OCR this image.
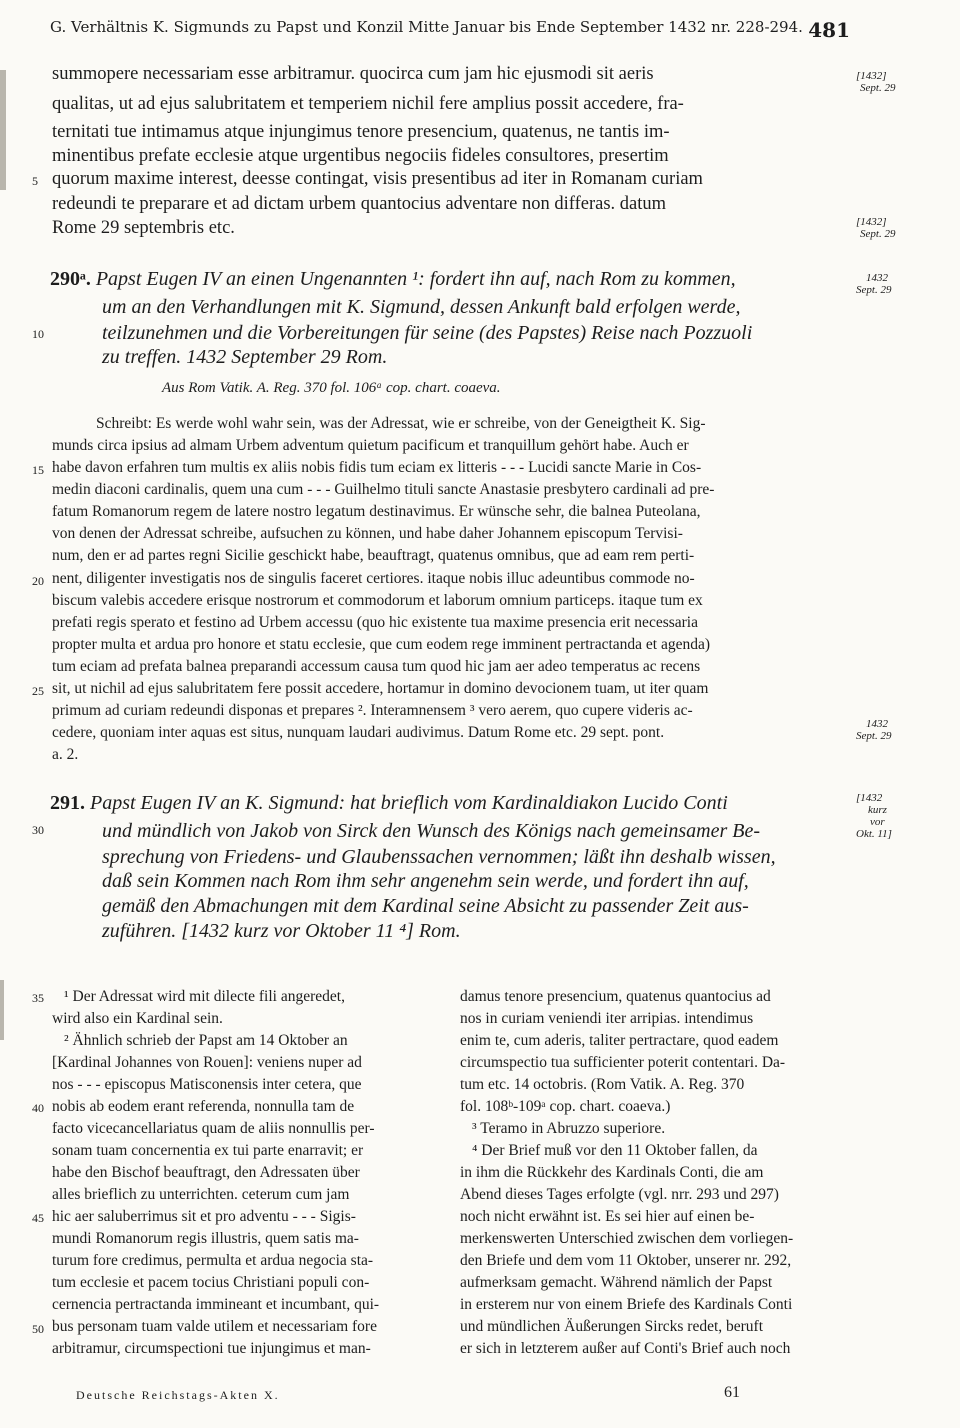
G. Verhältnis K. Sigmunds zu Papst und Konzil Mitte Januar bis Ende September 1432 nr. 228-294. 481
summopere necessariam esse arbitramur. quocirca cum jam hic ejusmodi sit aeris
qualitas, ut ad ejus salubritatem et temperiem nichil fere amplius possit accedere, fra-
ternitati tue intimamus atque injungimus tenore presencium, quatenus, ne tantis im-
minentibus prefate ecclesie atque urgentibus negociis fideles consultores, presertim
quorum maxime interest, deesse contingat, visis presentibus ad iter in Romanam curiam
redeundi te preparare et ad dictam urbem quantocius adventare non differas. datum
Rome 29 septembris etc.
290ᵃ. Papst Eugen IV an einen Ungenannten ¹: fordert ihn auf, nach Rom zu kommen,
um an den Verhandlungen mit K. Sigmund, dessen Ankunft bald erfolgen werde,
teilzunehmen und die Vorbereitungen für seine (des Papstes) Reise nach Pozzuoli
zu treffen. 1432 September 29 Rom.
Aus Rom Vatik. A. Reg. 370 fol. 106ᵃ cop. chart. coaeva.
Schreibt: Es werde wohl wahr sein, was der Adressat, wie er schreibe, von der Geneigtheit K. Sig-
munds circa ipsius ad almam Urbem adventum quietum pacificum et tranquillum gehört habe. Auch er
habe davon erfahren tum multis ex aliis nobis fidis tum eciam ex litteris - - - Lucidi sancte Marie in Cos-
medin diaconi cardinalis, quem una cum - - - Guilhelmo tituli sancte Anastasie presbytero cardinali ad pre-
fatum Romanorum regem de latere nostro legatum destinavimus. Er wünsche sehr, die balnea Puteolana,
von denen der Adressat schreibe, aufsuchen zu können, und habe daher Johannem episcopum Tervisi-
num, den er ad partes regni Sicilie geschickt habe, beauftragt, quatenus omnibus, que ad eam rem perti-
nent, diligenter investigatis nos de singulis faceret certiores. itaque nobis illuc adeuntibus commode no-
biscum valebis accedere erisque nostrorum et commodorum et laborum omnium particeps. itaque tum ex
prefati regis sperato et festino ad Urbem accessu (quo hic existente tua maxime presencia erit necessaria
propter multa et ardua pro honore et statu ecclesie, que cum eodem rege imminent pertractanda et agenda)
tum eciam ad prefata balnea preparandi accessum causa tum quod hic jam aer adeo temperatus ac recens
sit, ut nichil ad ejus salubritatem fere possit accedere, hortamur in domino devocionem tuam, ut iter quam
primum ad curiam redeundi disponas et prepares ². Interamnensem ³ vero aerem, quo cupere videris ac-
cedere, quoniam inter aquas est situs, nunquam laudari audivimus. Datum Rome etc. 29 sept. pont.
a. 2.
291. Papst Eugen IV an K. Sigmund: hat brieflich vom Kardinaldiakon Lucido Conti
und mündlich von Jakob von Sirck den Wunsch des Königs nach gemeinsamer Be-
sprechung von Friedens- und Glaubenssachen vernommen; läßt ihn deshalb wissen,
daß sein Kommen nach Rom ihm sehr angenehm sein werde, und fordert ihn auf,
gemäß den Abmachungen mit dem Kardinal seine Absicht zu passender Zeit aus-
zuführen. [1432 kurz vor Oktober 11 ⁴] Rom.
¹ Der Adressat wird mit dilecte fili angeredet,
wird also ein Kardinal sein.
² Ähnlich schrieb der Papst am 14 Oktober an
[Kardinal Johannes von Rouen]: veniens nuper ad
nos - - - episcopus Matisconensis inter cetera, que
nobis ab eodem erant referenda, nonnulla tam de
facto vicecancellariatus quam de aliis nonnullis per-
sonam tuam concernentia ex tui parte enarravit; er
habe den Bischof beauftragt, den Adressaten über
alles brieflich zu unterrichten. ceterum cum jam
hic aer saluberrimus sit et pro adventu - - - Sigis-
mundi Romanorum regis illustris, quem satis ma-
turum fore credimus, permulta et ardua negocia sta-
tum ecclesie et pacem tocius Christiani populi con-
cernencia pertractanda immineant et incumbant, qui-
bus personam tuam valde utilem et necessariam fore
arbitramur, circumspectioni tue injungimus et man-
damus tenore presencium, quatenus quantocius ad
nos in curiam veniendi iter arripias. intendimus
enim te, cum aderis, taliter pertractare, quod eadem
circumspectio tua sufficienter poterit contentari. Da-
tum etc. 14 octobris. (Rom Vatik. A. Reg. 370
fol. 108ᵇ-109ᵃ cop. chart. coaeva.)
³ Teramo in Abruzzo superiore.
⁴ Der Brief muß vor den 11 Oktober fallen, da
in ihm die Rückkehr des Kardinals Conti, die am
Abend dieses Tages erfolgte (vgl. nrr. 293 und 297)
noch nicht erwähnt ist. Es sei hier auf einen be-
merkenswerten Unterschied zwischen dem vorliegen-
den Briefe und dem vom 11 Oktober, unserer nr. 292,
aufmerksam gemacht. Während nämlich der Papst
in ersterem nur von einem Briefe des Kardinals Conti
und mündlichen Äußerungen Sircks redet, beruft
er sich in letzterem außer auf Conti's Brief auch noch
5
10
15
20
25
30
35
40
45
50
[1432]
Sept. 29
[1432]
Sept. 29
1432
Sept. 29
1432
Sept. 29
[1432
kurz
vor
Okt. 11]
Deutsche Reichstags-Akten X.	61
